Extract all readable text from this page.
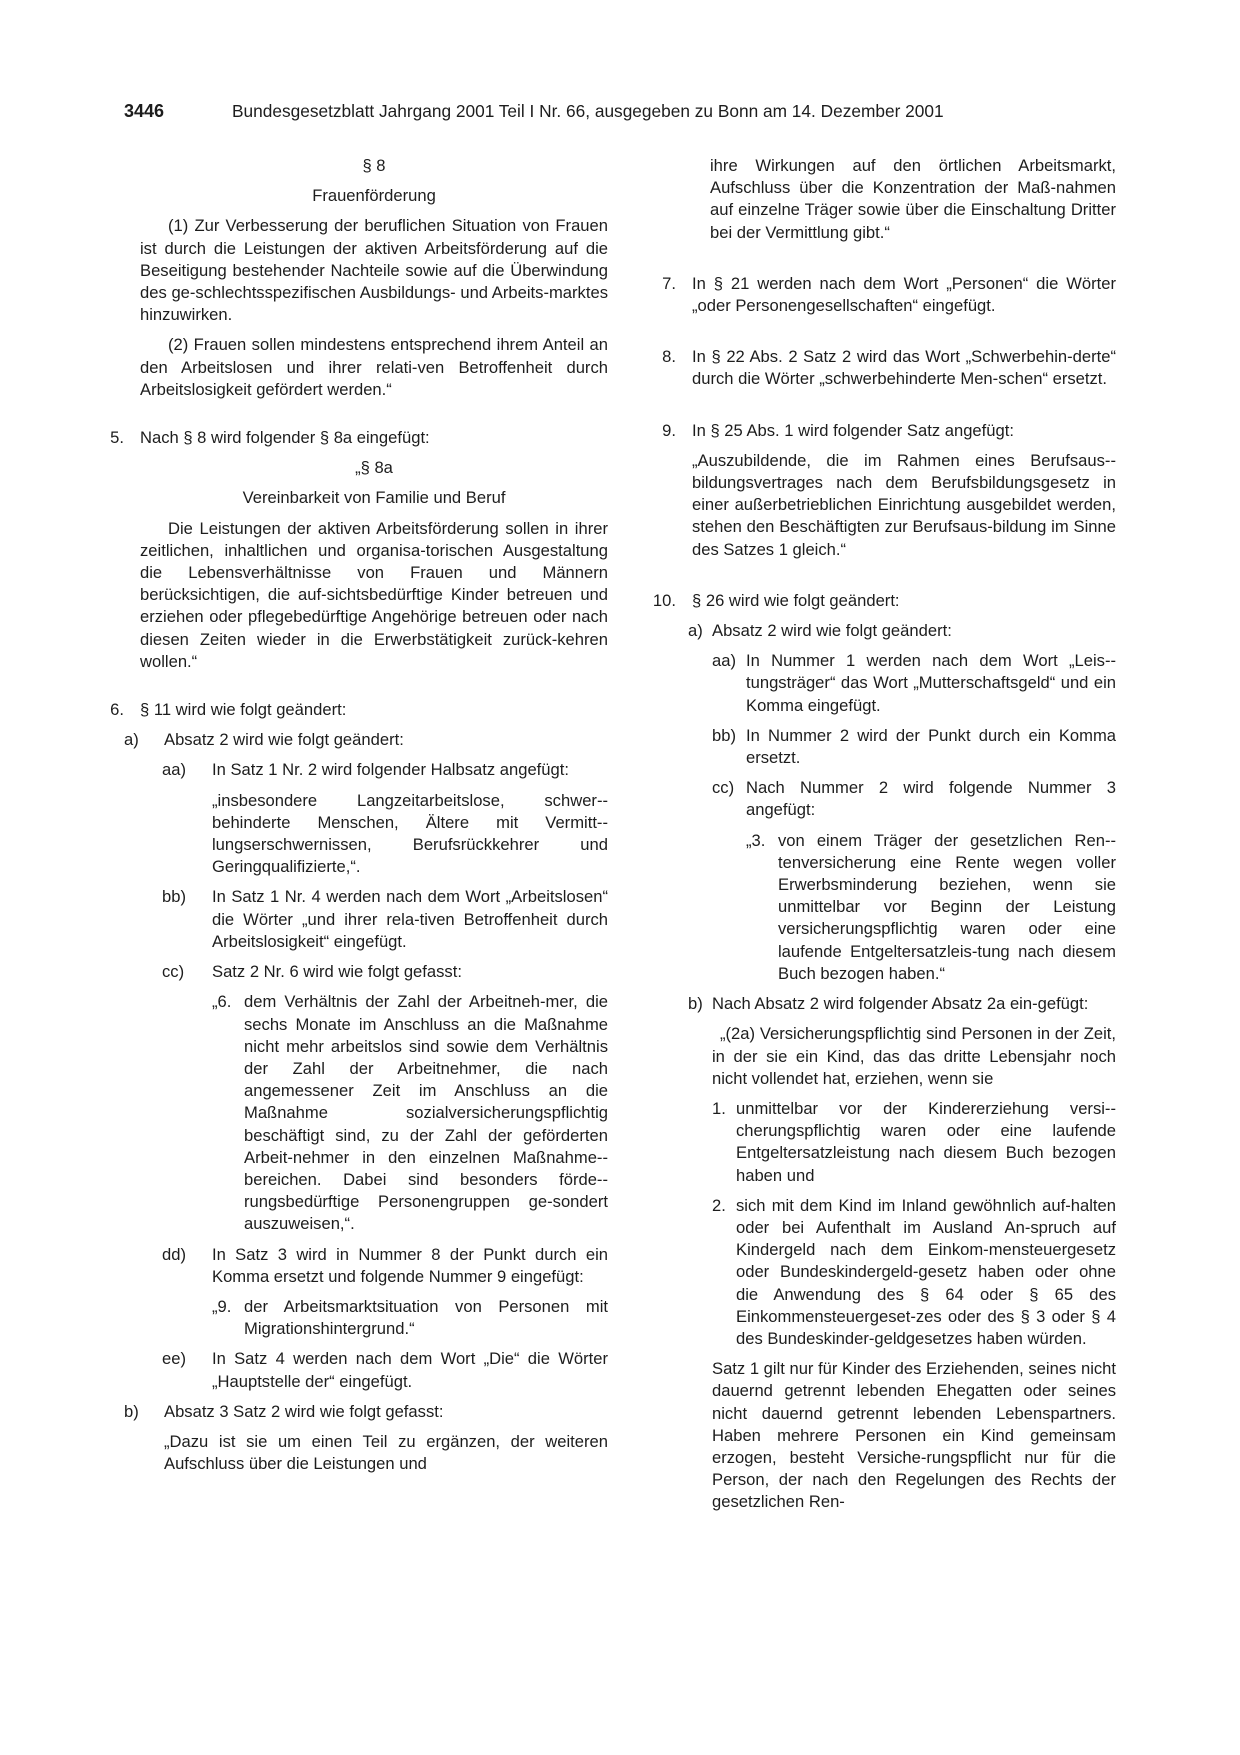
3446	Bundesgesetzblatt Jahrgang 2001 Teil I Nr. 66, ausgegeben zu Bonn am 14. Dezember 2001
§ 8
Frauenförderung
(1) Zur Verbesserung der beruflichen Situation von Frauen ist durch die Leistungen der aktiven Arbeitsförderung auf die Beseitigung bestehender Nachteile sowie auf die Überwindung des ge-schlechtsspezifischen Ausbildungs- und Arbeits-marktes hinzuwirken.
(2) Frauen sollen mindestens entsprechend ihrem Anteil an den Arbeitslosen und ihrer relati-ven Betroffenheit durch Arbeitslosigkeit gefördert werden.“
5. Nach § 8 wird folgender § 8a eingefügt:
„§ 8a
Vereinbarkeit von Familie und Beruf
Die Leistungen der aktiven Arbeitsförderung sollen in ihrer zeitlichen, inhaltlichen und organisa-torischen Ausgestaltung die Lebensverhältnisse von Frauen und Männern berücksichtigen, die auf-sichtsbedürftige Kinder betreuen und erziehen oder pflegebedürftige Angehörige betreuen oder nach diesen Zeiten wieder in die Erwerbstätigkeit zurück-kehren wollen.“
6. § 11 wird wie folgt geändert:
a)	Absatz 2 wird wie folgt geändert:
aa)	In Satz 1 Nr. 2 wird folgender Halbsatz angefügt:
„insbesondere Langzeitarbeitslose, schwer-behinderte Menschen, Ältere mit Vermitt-lungserschwernissen, Berufsrückkehrer und Geringqualifizierte,“.
bb)	In Satz 1 Nr. 4 werden nach dem Wort „Arbeitslosen“ die Wörter „und ihrer rela-tiven Betroffenheit durch Arbeitslosigkeit“ eingefügt.
cc)	Satz 2 Nr. 6 wird wie folgt gefasst:
„6. dem Verhältnis der Zahl der Arbeitneh-mer, die sechs Monate im Anschluss an die Maßnahme nicht mehr arbeitslos sind sowie dem Verhältnis der Zahl der Arbeitnehmer, die nach angemessener Zeit im Anschluss an die Maßnahme sozialversicherungspflichtig beschäftigt sind, zu der Zahl der geförderten Arbeit-nehmer in den einzelnen Maßnahme-bereichen. Dabei sind besonders förde-rungsbedürftige Personengruppen ge-sondert auszuweisen,“.
dd)	In Satz 3 wird in Nummer 8 der Punkt durch ein Komma ersetzt und folgende Nummer 9 eingefügt:
„9. der Arbeitsmarktsituation von Personen mit Migrationshintergrund.“
ee)	In Satz 4 werden nach dem Wort „Die“ die Wörter „Hauptstelle der“ eingefügt.
b)	Absatz 3 Satz 2 wird wie folgt gefasst:
„Dazu ist sie um einen Teil zu ergänzen, der weiteren Aufschluss über die Leistungen und
ihre Wirkungen auf den örtlichen Arbeitsmarkt, Aufschluss über die Konzentration der Maß-nahmen auf einzelne Träger sowie über die Einschaltung Dritter bei der Vermittlung gibt.“
7. In § 21 werden nach dem Wort „Personen“ die Wörter „oder Personengesellschaften“ eingefügt.
8. In § 22 Abs. 2 Satz 2 wird das Wort „Schwerbehin-derte“ durch die Wörter „schwerbehinderte Men-schen“ ersetzt.
9. In § 25 Abs. 1 wird folgender Satz angefügt:
„Auszubildende, die im Rahmen eines Berufsaus-bildungsvertrages nach dem Berufsbildungsgesetz in einer außerbetrieblichen Einrichtung ausgebildet werden, stehen den Beschäftigten zur Berufsaus-bildung im Sinne des Satzes 1 gleich.“
10. § 26 wird wie folgt geändert:
a) Absatz 2 wird wie folgt geändert:
aa) In Nummer 1 werden nach dem Wort „Leis-tungsträger“ das Wort „Mutterschaftsgeld“ und ein Komma eingefügt.
bb) In Nummer 2 wird der Punkt durch ein Komma ersetzt.
cc) Nach Nummer 2 wird folgende Nummer 3 angefügt:
„3. von einem Träger der gesetzlichen Ren-tenversicherung eine Rente wegen voller Erwerbsminderung beziehen, wenn sie unmittelbar vor Beginn der Leistung versicherungspflichtig waren oder eine laufende Entgeltersatzleis-tung nach diesem Buch bezogen haben.“
b) Nach Absatz 2 wird folgender Absatz 2a ein-gefügt:
„(2a) Versicherungspflichtig sind Personen in der Zeit, in der sie ein Kind, das das dritte Lebensjahr noch nicht vollendet hat, erziehen, wenn sie
1. unmittelbar vor der Kindererziehung versi-cherungspflichtig waren oder eine laufende Entgeltersatzleistung nach diesem Buch bezogen haben und
2. sich mit dem Kind im Inland gewöhnlich auf-halten oder bei Aufenthalt im Ausland An-spruch auf Kindergeld nach dem Einkom-mensteuergesetz oder Bundeskindergeld-gesetz haben oder ohne die Anwendung des § 64 oder § 65 des Einkommensteuergeset-zes oder des § 3 oder § 4 des Bundeskinder-geldgesetzes haben würden.
Satz 1 gilt nur für Kinder des Erziehenden, seines nicht dauernd getrennt lebenden Ehegatten oder seines nicht dauernd getrennt lebenden Lebenspartners. Haben mehrere Personen ein Kind gemeinsam erzogen, besteht Versiche-rungspflicht nur für die Person, der nach den Regelungen des Rechts der gesetzlichen Ren-
